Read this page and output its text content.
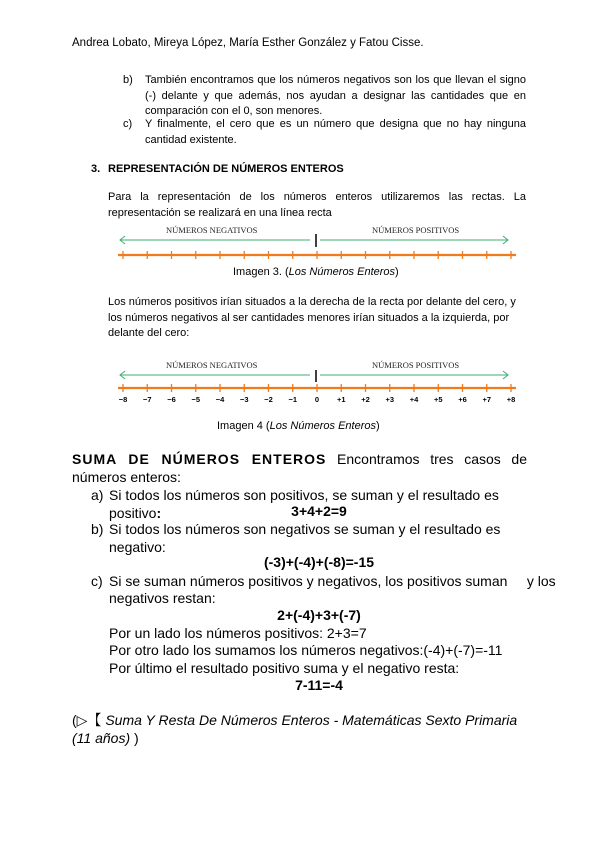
Andrea Lobato, Mireya López, María Esther González y Fatou Cisse.
b) También encontramos que los números negativos son los que llevan el signo (-) delante y que además, nos ayudan a designar las cantidades que en comparación con el 0, son menores.
c) Y finalmente, el cero que es un número que designa que no hay ninguna cantidad existente.
3. REPRESENTACIÓN DE NÚMEROS ENTEROS
Para la representación de los números enteros utilizaremos las rectas. La representación se realizará en una línea recta
NÚMEROS NEGATIVOS	NÚMEROS POSITIVOS
Imagen 3. (Los Números Enteros)
Los números positivos irían situados a la derecha de la recta por delante del cero, y los números negativos al ser cantidades menores irían situados a la izquierda, por delante del cero:
NÚMEROS NEGATIVOS	NÚMEROS POSITIVOS
−8 −7 −6 −5 −4 −3 −2 −1 0 +1 +2 +3 +4 +5 +6 +7 +8
Imagen 4 (Los Números Enteros)
SUMA DE NÚMEROS ENTEROS Encontramos tres casos de números enteros:
a) Si todos los números son positivos, se suman y el resultado es positivo:	3+4+2=9
b) Si todos los números son negativos se suman y el resultado es
negativo:
(-3)+(-4)+(-8)=-15
c) Si se suman números positivos y negativos, los positivos suman     y los
negativos restan:
2+(-4)+3+(-7)
Por un lado los números positivos: 2+3=7
Por otro lado los sumamos los números negativos:(-4)+(-7)=-11
Por último el resultado positivo suma y el negativo resta:
7-11=-4
(▷【 Suma Y Resta De Números Enteros - Matemáticas Sexto Primaria (11 años) )
